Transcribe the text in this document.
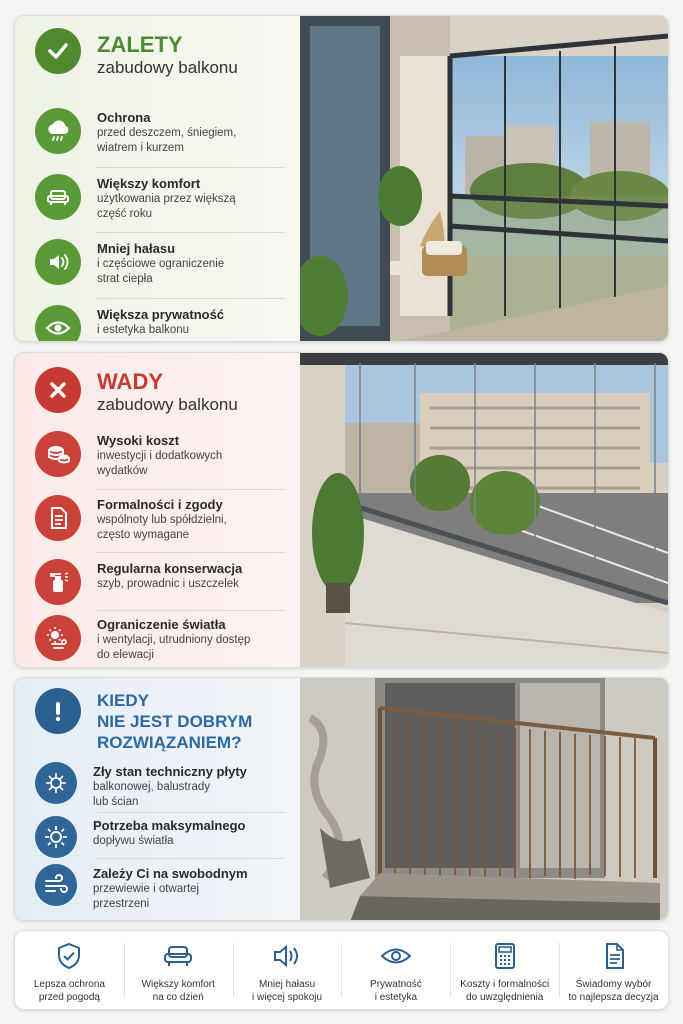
ZALETY
zabudowy balkonu
Ochrona
przed deszczem, śniegiem,
wiatrem i kurzem
Większy komfort
użytkowania przez większą
część roku
Mniej hałasu
i częściowe ograniczenie
strat ciepła
Większa prywatność
i estetyka balkonu
WADY
zabudowy balkonu
Wysoki koszt
inwestycji i dodatkowych
wydatków
Formalności i zgody
wspólnoty lub spółdzielni,
często wymagane
Regularna konserwacja
szyb, prowadnic i uszczelek
Ograniczenie światła
i wentylacji, utrudniony dostęp
do elewacji
KIEDY
NIE JEST DOBRYM
ROZWIĄZANIEM?
Zły stan techniczny płyty
balkonowej, balustrady
lub ścian
Potrzeba maksymalnego
dopływu światła
Zależy Ci na swobodnym
przewiewie i otwartej
przestrzeni
Lepsza ochrona
przed pogodą
Większy komfort
na co dzień
Mniej hałasu
i więcej spokoju
Prywatność
i estetyka
Koszty i formalności
do uwzględnienia
Świadomy wybór
to najlepsza decyzja
